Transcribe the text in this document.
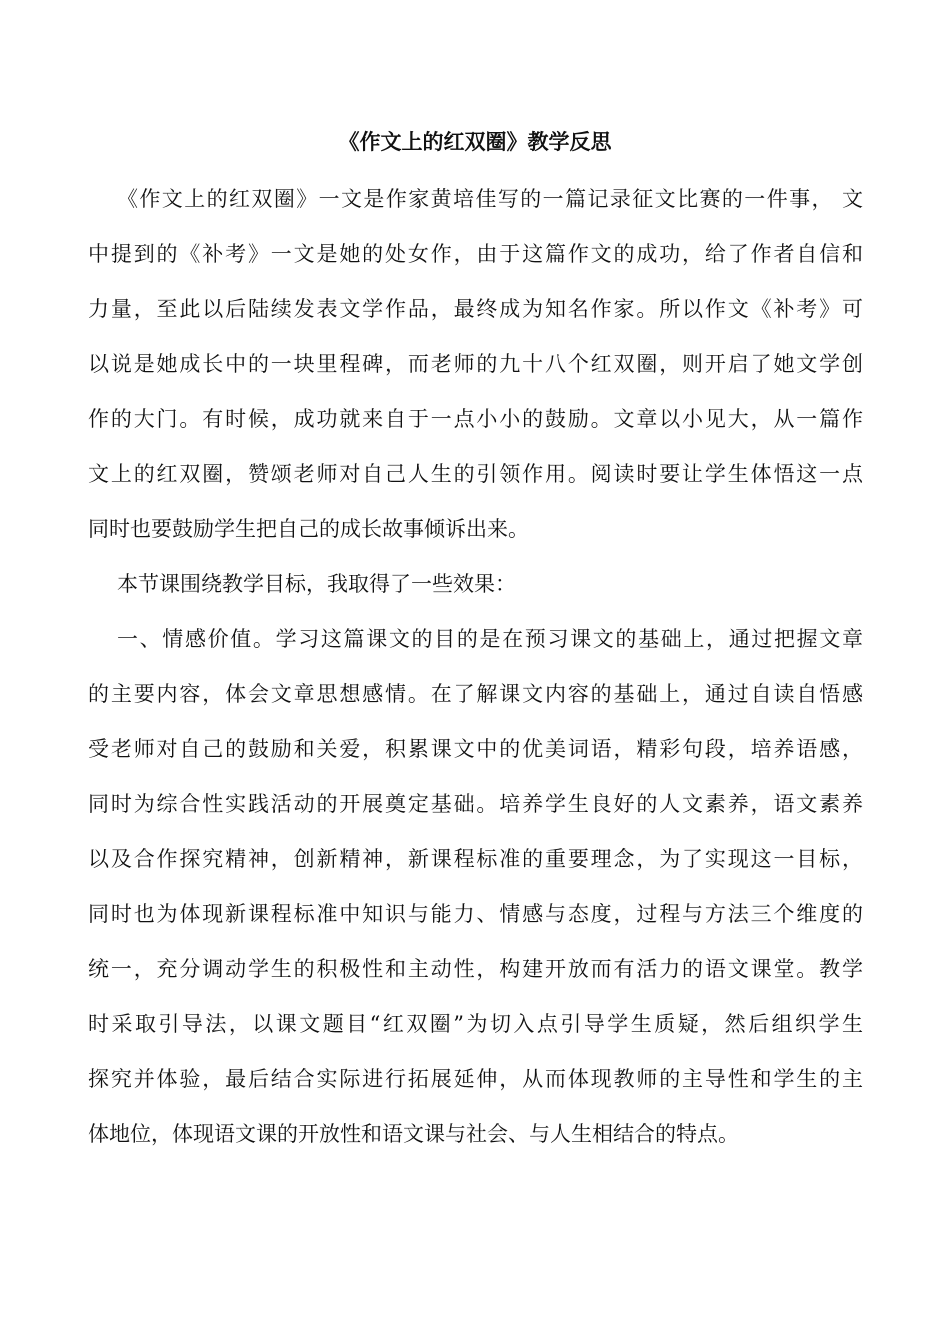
《作文上的红双圈》教学反思
《作文上的红双圈》一文是作家黄培佳写的一篇记录征文比赛的一件事， 文
中提到的《补考》一文是她的处女作，由于这篇作文的成功，给了作者自信和
力量，至此以后陆续发表文学作品，最终成为知名作家。所以作文《补考》可
以说是她成长中的一块里程碑，而老师的九十八个红双圈，则开启了她文学创
作的大门。有时候，成功就来自于一点小小的鼓励。文章以小见大，从一篇作
文上的红双圈，赞颂老师对自己人生的引领作用。阅读时要让学生体悟这一点
同时也要鼓励学生把自己的成长故事倾诉出来。
本节课围绕教学目标，我取得了一些效果：
一、情感价值。学习这篇课文的目的是在预习课文的基础上，通过把握文章
的主要内容，体会文章思想感情。在了解课文内容的基础上，通过自读自悟感
受老师对自己的鼓励和关爱，积累课文中的优美词语，精彩句段，培养语感，
同时为综合性实践活动的开展奠定基础。培养学生良好的人文素养，语文素养
以及合作探究精神，创新精神，新课程标准的重要理念，为了实现这一目标，
同时也为体现新课程标准中知识与能力、情感与态度，过程与方法三个维度的
统一，充分调动学生的积极性和主动性，构建开放而有活力的语文课堂。教学
时采取引导法，以课文题目“红双圈”为切入点引导学生质疑，然后组织学生
探究并体验，最后结合实际进行拓展延伸，从而体现教师的主导性和学生的主
体地位，体现语文课的开放性和语文课与社会、与人生相结合的特点。
